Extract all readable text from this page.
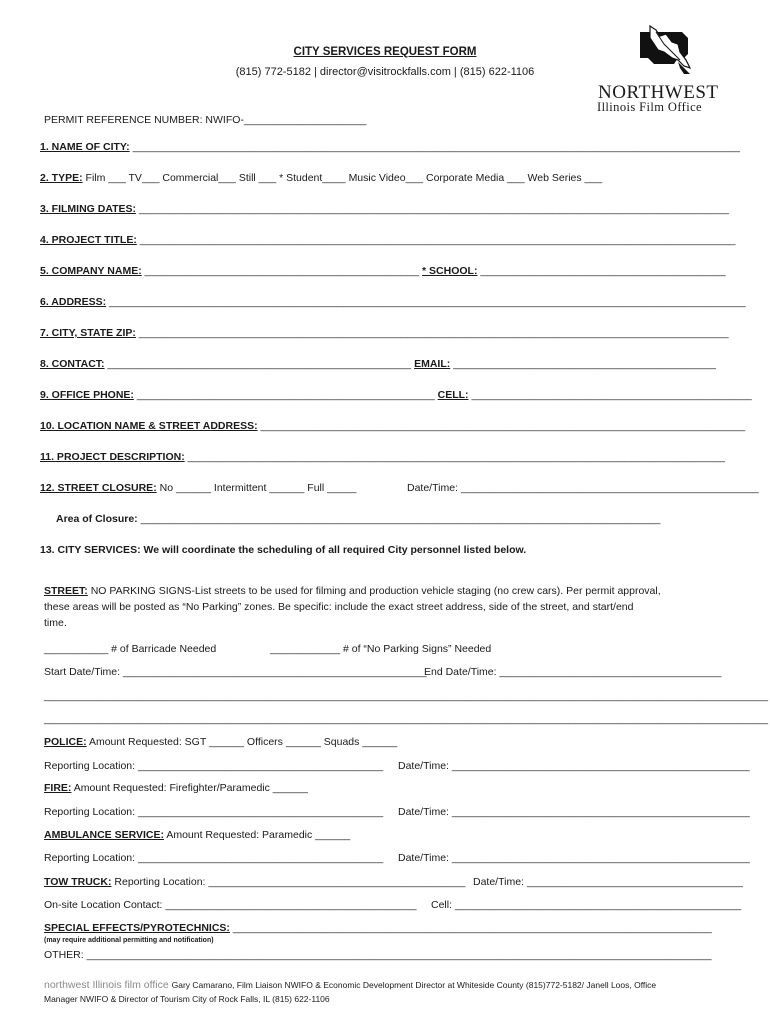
CITY SERVICES REQUEST FORM
(815) 772-5182 | director@visitrockfalls.com | (815) 622-1106
NORTHWEST
Illinois Film Office
PERMIT REFERENCE NUMBER: NWIFO-_____________________
1. NAME OF CITY: ________________________________________________________________________________________________________
2. TYPE: Film ___ TV___ Commercial___ Still ___ * Student____ Music Video___ Corporate Media ___ Web Series ___
3. FILMING DATES: _____________________________________________________________________________________________________
4. PROJECT TITLE: ______________________________________________________________________________________________________
5. COMPANY NAME: _______________________________________________ * SCHOOL: __________________________________________
6. ADDRESS: _____________________________________________________________________________________________________________
7. CITY, STATE ZIP: _____________________________________________________________________________________________________
8. CONTACT: ____________________________________________________ EMAIL: _____________________________________________
9. OFFICE PHONE: ___________________________________________________ CELL: ________________________________________________
10. LOCATION NAME & STREET ADDRESS: ___________________________________________________________________________________
11. PROJECT DESCRIPTION: ____________________________________________________________________________________________
12. STREET CLOSURE: No ______ Intermittent ______ Full _____	Date/Time: ___________________________________________________
Area of Closure: _________________________________________________________________________________________
13. CITY SERVICES: We will coordinate the scheduling of all required City personnel listed below.
STREET: NO PARKING SIGNS-List streets to be used for filming and production vehicle staging (no crew cars). Per permit approval,
these areas will be posted as “No Parking” zones. Be specific: include the exact street address, side of the street, and start/end
time.
___________ # of Barricade Needed	____________ # of “No Parking Signs” Needed
Start Date/Time: ____________________________________________________
End Date/Time: ______________________________________
____________________________________________________________________________________________________________________________
____________________________________________________________________________________________________________________________
POLICE: Amount Requested: SGT ______ Officers ______ Squads ______
Reporting Location: __________________________________________ Date/Time: ___________________________________________________
FIRE: Amount Requested: Firefighter/Paramedic ______
Reporting Location: __________________________________________ Date/Time: ___________________________________________________
AMBULANCE SERVICE: Amount Requested: Paramedic ______
Reporting Location: __________________________________________ Date/Time: ___________________________________________________
TOW TRUCK: Reporting Location: ____________________________________________ Date/Time: _____________________________________
On-site Location Contact: ___________________________________________ Cell: _________________________________________________
SPECIAL EFFECTS/PYROTECHNICS: __________________________________________________________________________________
(may require additional permitting and notification)
OTHER: ___________________________________________________________________________________________________________
northwest Illinois film office Gary Camarano, Film Liaison NWIFO & Economic Development Director at Whiteside County (815)772-5182/ Janell Loos, Office
Manager NWIFO & Director of Tourism City of Rock Falls, IL (815) 622-1106
